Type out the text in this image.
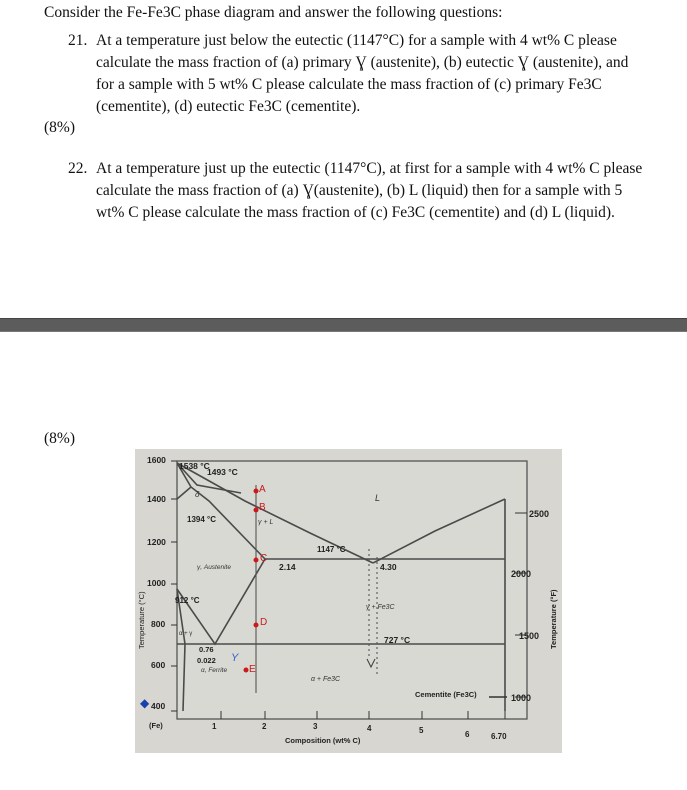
Consider the Fe-Fe3C phase diagram and answer the following questions:
21. At a temperature just below the eutectic (1147°C) for a sample with 4 wt% C please
calculate the mass fraction of (a) primary Ɣ (austenite), (b) eutectic Ɣ (austenite), and
for a sample with 5 wt% C please calculate the mass fraction of (c) primary Fe3C
(cementite), (d) eutectic Fe3C (cementite).
(8%)
22. At a temperature just up the eutectic (1147°C), at first for a sample with 4 wt% C please
calculate the mass fraction of (a) Ɣ(austenite), (b) L (liquid) then for a sample with 5
wt% C please calculate the mass fraction of (c) Fe3C (cementite) and (d) L (liquid).
(8%)
1600
1400
1200
1000
800
600
400
(Fe)
◆
Temperature (°C)	Temperature (°F)
2500
2000
1500
1000
1	2	3	4	5	6	6.70
Composition (wt% C)
A
B
C
D
E
1538 °C
1493 °C
1394 °C
1147 °C
2.14	4.30
912 °C
727 °C
0.76
0.022
L
γ + L
γ, Austenite
γ + Fe3C
α + γ
α, Ferrite
α + Fe3C
Cementite (Fe3C)
δ
Y
